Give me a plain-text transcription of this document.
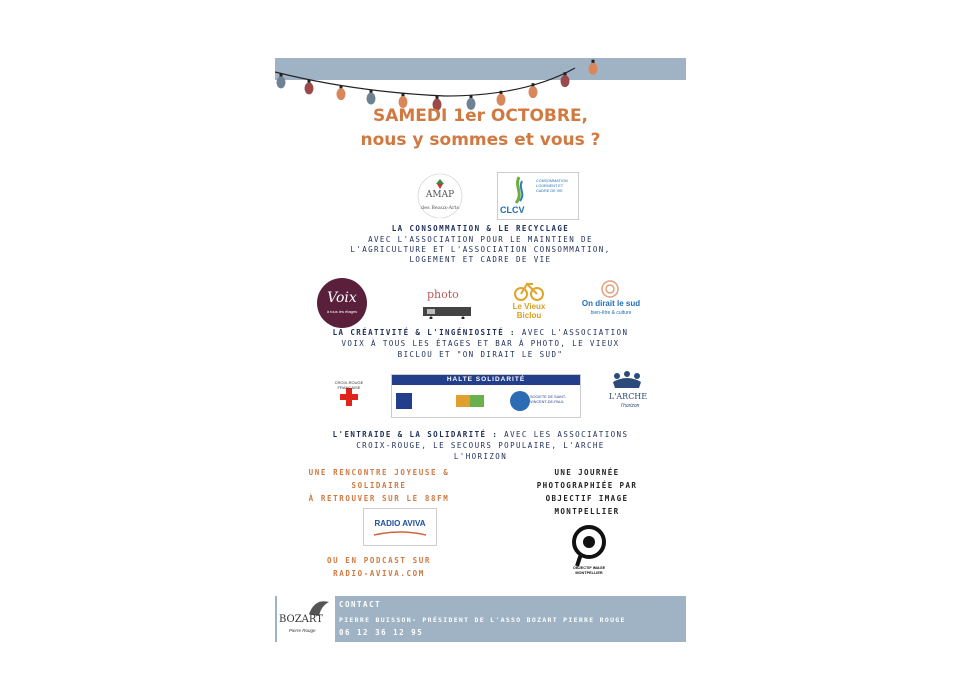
SAMEDI 1er OCTOBRE,
nous y sommes et vous ?
AMAP
des Beaux-Arts	CLCV
CONSOMMATION LOGEMENT ET CADRE DE VIE
LA CONSOMMATION & LE RECYCLAGE
AVEC L'ASSOCIATION POUR LE MAINTIEN DE
L'AGRICULTURE ET L'ASSOCIATION CONSOMMATION,
LOGEMENT ET CADRE DE VIE
Voix
à tous les étages
photo
Le Vieux Biclou
On dirait le sud
bien-être & culture
LA CRÉATIVITÉ & L'INGÉNIOSITÉ : AVEC L'ASSOCIATION
VOIX À TOUS LES ÉTAGES ET BAR À PHOTO, LE VIEUX
BICLOU ET "ON DIRAIT LE SUD"
CROIX-ROUGE FRANÇAISE
HALTE SOLIDARITÉ
SOCIETE DE SAINT-VINCENT-DE-PAUL
L'ARCHE
l'horizon
L'ENTRAIDE & LA SOLIDARITÉ : AVEC LES ASSOCIATIONS
CROIX-ROUGE, LE SECOURS POPULAIRE, L'ARCHE
L'HORIZON
UNE RENCONTRE JOYEUSE &
SOLIDAIRE
À RETROUVER SUR LE 88FM
RADIO AVIVA
OU EN PODCAST SUR
RADIO-AVIVA.COM
UNE JOURNÉE
PHOTOGRAPHIÉE PAR
OBJECTIF IMAGE
MONTPELLIER
OBJECTIF IMAGE MONTPELLIER
BOZART
Pierre Rouge
CONTACT
PIERRE BUISSON- PRÉSIDENT DE L'ASSO BOZART PIERRE ROUGE
06 12 36 12 95
